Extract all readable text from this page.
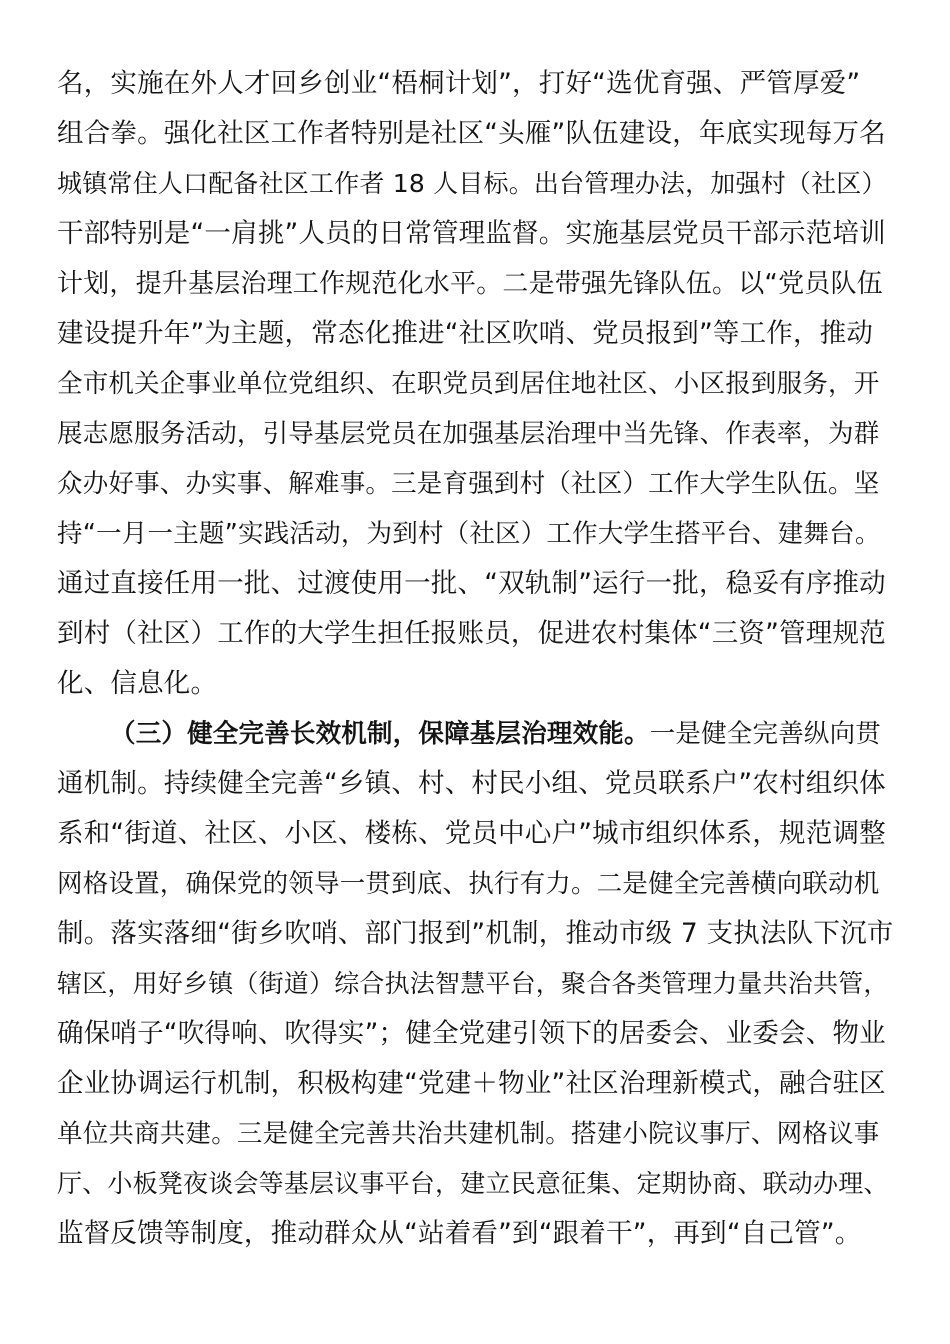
名，实施在外人才回乡创业“梧桐计划”，打好“选优育强、严管厚爱”
组合拳。强化社区工作者特别是社区“头雁”队伍建设，年底实现每万名
城镇常住人口配备社区工作者 18 人目标。出台管理办法，加强村（社区）
干部特别是“一肩挑”人员的日常管理监督。实施基层党员干部示范培训
计划，提升基层治理工作规范化水平。二是带强先锋队伍。以“党员队伍
建设提升年”为主题，常态化推进“社区吹哨、党员报到”等工作，推动
全市机关企事业单位党组织、在职党员到居住地社区、小区报到服务，开
展志愿服务活动，引导基层党员在加强基层治理中当先锋、作表率，为群
众办好事、办实事、解难事。三是育强到村（社区）工作大学生队伍。坚
持“一月一主题”实践活动，为到村（社区）工作大学生搭平台、建舞台。
通过直接任用一批、过渡使用一批、“双轨制”运行一批，稳妥有序推动
到村（社区）工作的大学生担任报账员，促进农村集体“三资”管理规范
化、信息化。
（三）健全完善长效机制，保障基层治理效能。一是健全完善纵向贯
通机制。持续健全完善“乡镇、村、村民小组、党员联系户”农村组织体
系和“街道、社区、小区、楼栋、党员中心户”城市组织体系，规范调整
网格设置，确保党的领导一贯到底、执行有力。二是健全完善横向联动机
制。落实落细“街乡吹哨、部门报到”机制，推动市级 7 支执法队下沉市
辖区，用好乡镇（街道）综合执法智慧平台，聚合各类管理力量共治共管，
确保哨子“吹得响、吹得实”；健全党建引领下的居委会、业委会、物业
企业协调运行机制，积极构建“党建＋物业”社区治理新模式，融合驻区
单位共商共建。三是健全完善共治共建机制。搭建小院议事厅、网格议事
厅、小板凳夜谈会等基层议事平台，建立民意征集、定期协商、联动办理、
监督反馈等制度，推动群众从“站着看”到“跟着干”，再到“自己管”。
